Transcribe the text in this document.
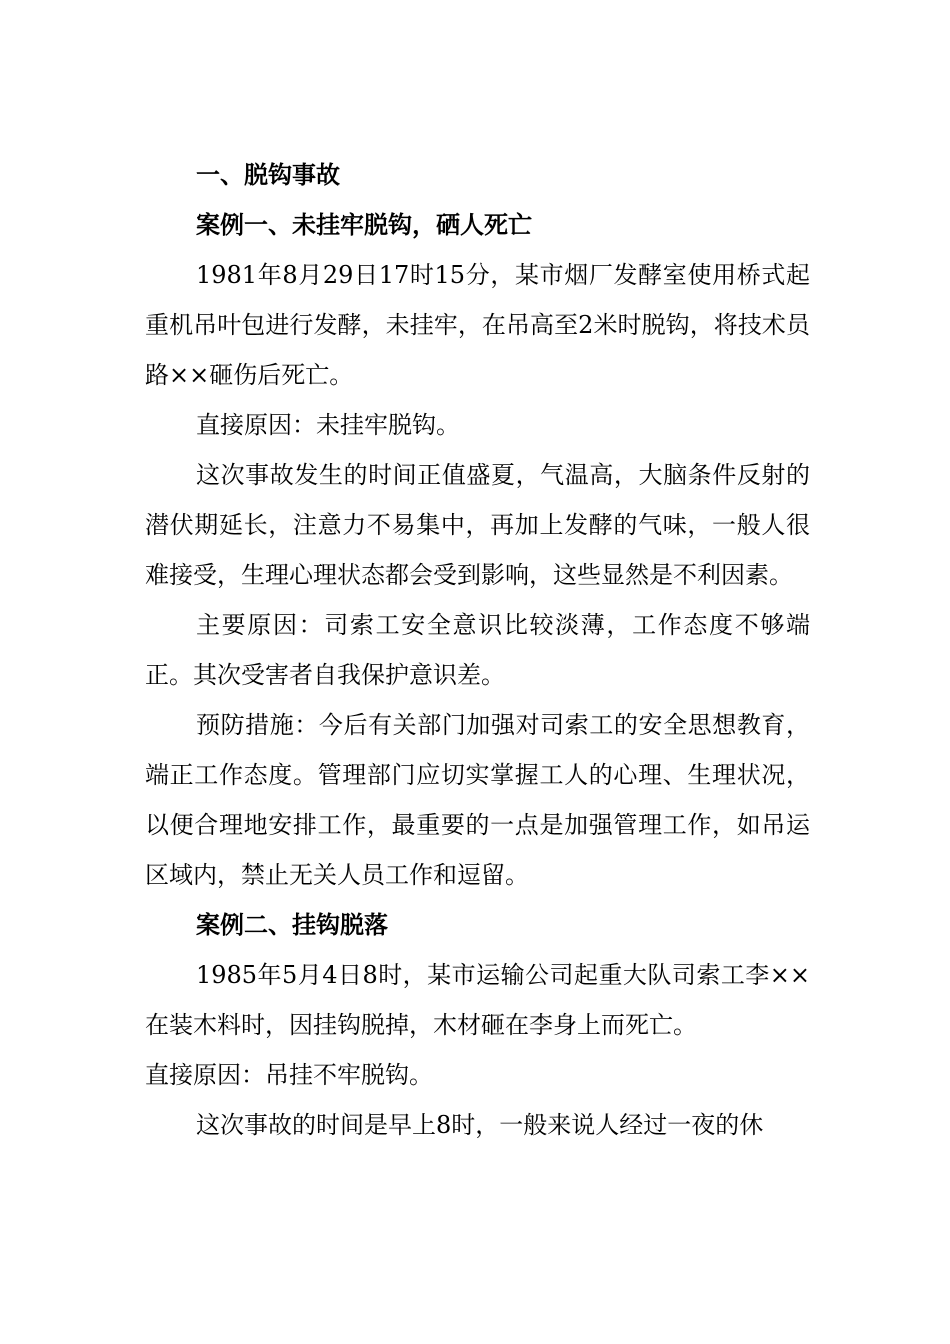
一、脱钩事故

案例一、未挂牢脱钩，硒人死亡

1981年8月29日17时15分，某市烟厂发酵室使用桥式起重机吊叶包进行发酵，未挂牢，在吊高至2米时脱钩，将技术员路××砸伤后死亡。

直接原因：未挂牢脱钩。

这次事故发生的时间正值盛夏，气温高，大脑条件反射的潜伏期延长，注意力不易集中，再加上发酵的气味，一般人很难接受，生理心理状态都会受到影响，这些显然是不利因素。

主要原因：司索工安全意识比较淡薄，工作态度不够端正。其次受害者自我保护意识差。

预防措施：今后有关部门加强对司索工的安全思想教育，端正工作态度。管理部门应切实掌握工人的心理、生理状况，以便合理地安排工作，最重要的一点是加强管理工作，如吊运区域内，禁止无关人员工作和逗留。

案例二、挂钩脱落

1985年5月4日8时，某市运输公司起重大队司索工李××在装木料时，因挂钩脱掉，木材砸在李身上而死亡。

直接原因：吊挂不牢脱钩。

这次事故的时间是早上8时，一般来说人经过一夜的休
